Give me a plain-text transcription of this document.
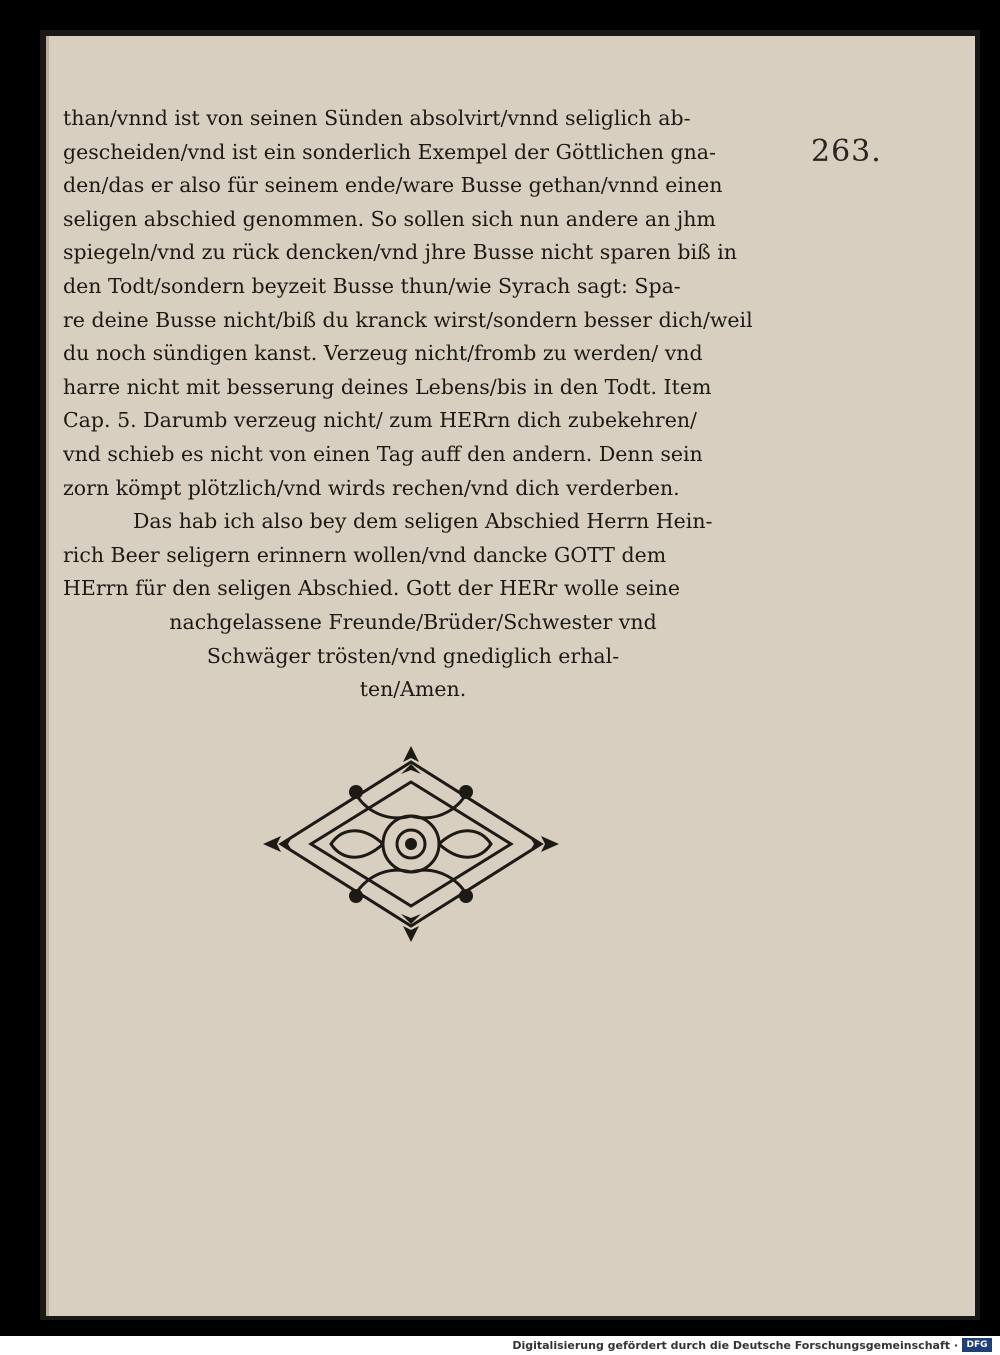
263.

than/vnnd ist von seinen Sünden absolvirt/vnnd seliglich ab-
gescheiden/vnd ist ein sonderlich Exempel der Göttlichen gna-
den/das er also für seinem ende/ware Busse gethan/vnnd einen
seligen abschied genommen. So sollen sich nun andere an jhm
spiegeln/vnd zu rück dencken/vnd jhre Busse nicht sparen biß in
den Todt/sondern beyzeit Busse thun/wie Syrach sagt: Spa-
re deine Busse nicht/biß du kranck wirst/sondern besser dich/weil
du noch sündigen kanst. Verzeug nicht/fromb zu werden/ vnd
harre nicht mit besserung deines Lebens/bis in den Todt. Item
Cap. 5. Darumb verzeug nicht/ zum HERrn dich zubekehren/
vnd schieb es nicht von einen Tag auff den andern. Denn sein
zorn kömpt plötzlich/vnd wirds rechen/vnd dich verderben.
Das hab ich also bey dem seligen Abschied Herrn Hein-
rich Beer seligern erinnern wollen/vnd dancke GOTT dem
HErrn für den seligen Abschied. Gott der HERr wolle seine
nachgelassene Freunde/Brüder/Schwester vnd
Schwäger trösten/vnd gnediglich erhal-
ten/Amen.
Digitalisierung gefördert durch die Deutsche Forschungsgemeinschaft · DFG
